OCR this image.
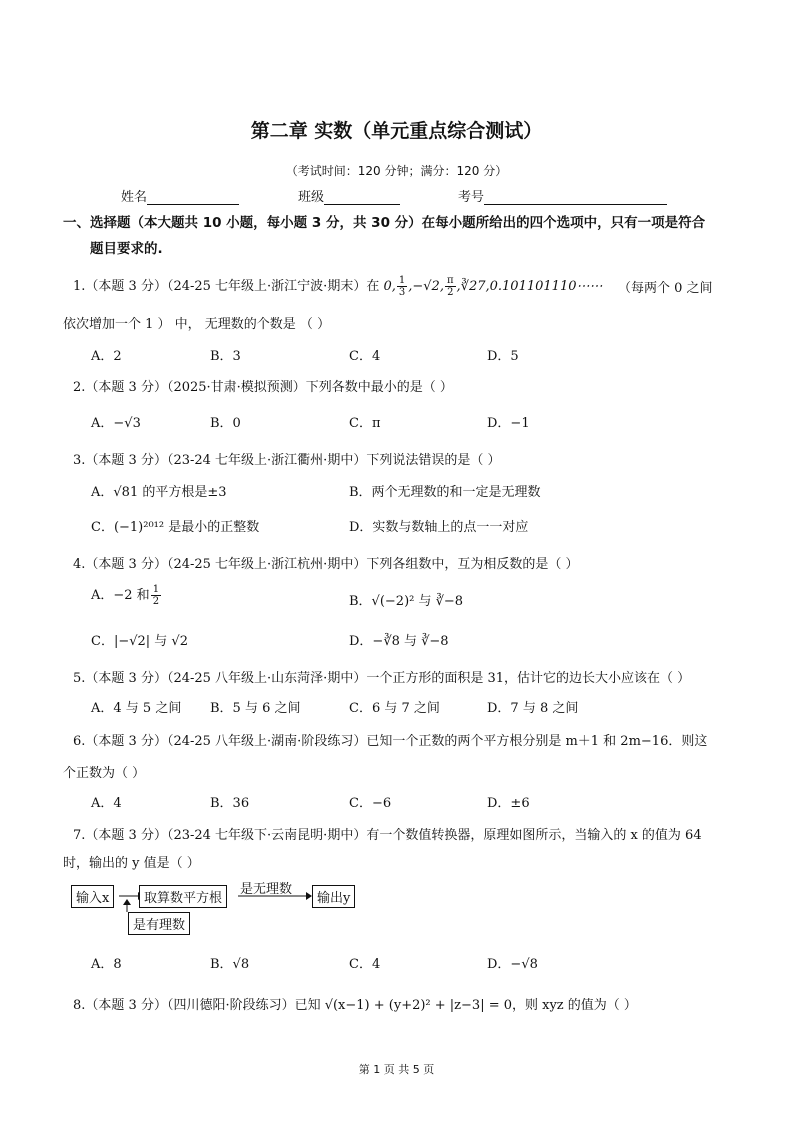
第二章 实数（单元重点综合测试）
（考试时间：120 分钟；满分：120 分）
姓名	班级	考号
一、选择题（本大题共 10 小题，每小题 3 分，共 30 分）在每小题所给出的四个选项中，只有一项是符合
题目要求的.
1.（本题 3 分）（24-25 七年级上·浙江宁波·期末）在 0, $\frac{1}{3} ,-√2$, $\frac{\pi}{2}$ ,∛27,0.101101110⋯⋯ （每两个 0 之间
依次增加一个 1 ） 中， 无理数的个数是 （ ）
A．2	B．3	C．4	D．5
2.（本题 3 分）（2025·甘肃·模拟预测）下列各数中最小的是（ ）
A．−√3	B．0	C．π	D．−1
3.（本题 3 分）（23-24 七年级上·浙江衢州·期中）下列说法错误的是（ ）
A．√81 的平方根是±3	B．两个无理数的和一定是无理数
C．(−1)²⁰¹² 是最小的正整数	D．实数与数轴上的点一一对应
4.（本题 3 分）（24-25 七年级上·浙江杭州·期中）下列各组数中，互为相反数的是（ ）
A．−2 和 $\frac{1}{2}$	B．√(−2)² 与 ∛−8
C．|−√2| 与 √2	D．−∛8 与 ∛−8
5.（本题 3 分）（24-25 八年级上·山东菏泽·期中）一个正方形的面积是 31，估计它的边长大小应该在（ ）
A．4 与 5 之间 B．5 与 6 之间	C．6 与 7 之间	D．7 与 8 之间
6.（本题 3 分）（24-25 八年级上·湖南·阶段练习）已知一个正数的两个平方根分别是 m＋1 和 2m−16．则这
个正数为（ ）
A．4	B．36	C．−6	D．±6
7.（本题 3 分）（23-24 七年级下·云南昆明·期中）有一个数值转换器，原理如图所示，当输入的 x 的值为 64
时，输出的 y 值是（ ）
输入x	取算数平方根
是无理数
输出y
是有理数
A．8	B．√8	C．4	D．−√8
8.（本题 3 分）（四川德阳·阶段练习）已知 √(x−1) + (y+2)² + |z−3| = 0，则 xyz 的值为（ ）
第 1 页 共 5 页
